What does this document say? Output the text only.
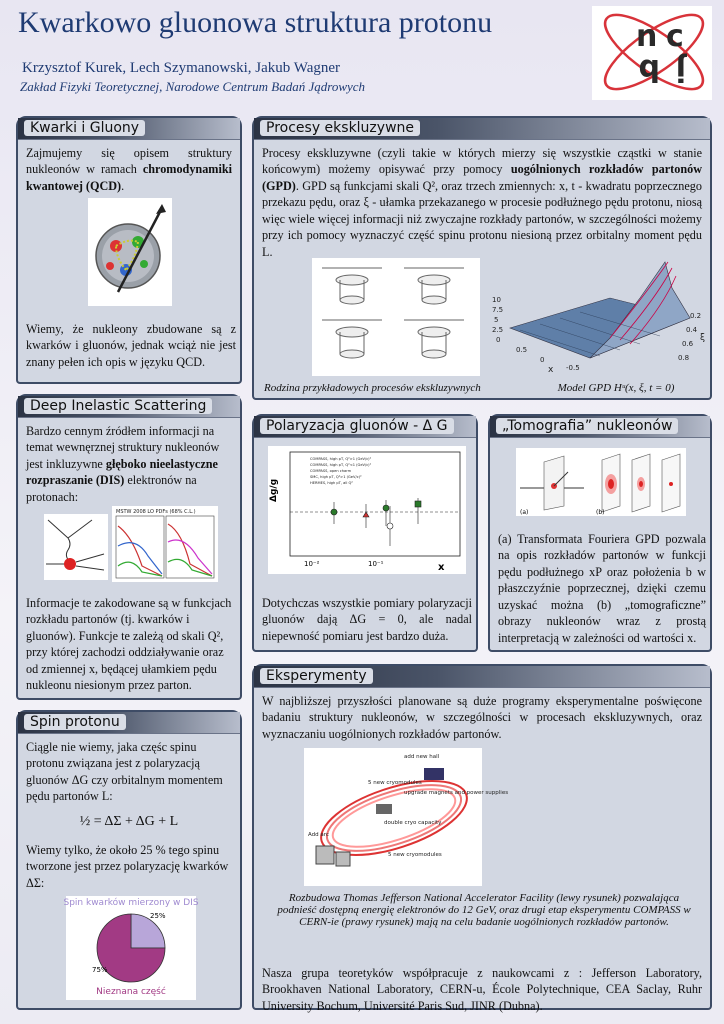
Kwarkowo gluonowa struktura protonu
Krzysztof Kurek, Lech Szymanowski, Jakub Wagner
Zakład Fizyki Teoretycznej, Narodowe Centrum Badań Jądrowych
n c
b j
Kwarki i Gluony

Zajmujemy się opisem struktury nukleonów w ramach chromodynamiki kwantowej (QCD).

Wiemy, że nukleony zbudowane są z kwarków i gluonów, jednak wciąż nie jest znany pełen ich opis w języku QCD.

Procesy ekskluzywne

Procesy ekskluzywne (czyli takie w których mierzy się wszystkie cząstki w stanie końcowym) możemy opisywać przy pomocy uogólnionych rozkładów partonów (GPD). GPD są funkcjami skali Q², oraz trzech zmiennych: x, t - kwadratu poprzecznego przekazu pędu, oraz ξ - ułamka przekazanego w procesie podłużnego pędu protonu, niosą więc wiele więcej informacji niż zwyczajne rozkłady partonów, w szczególności możemy przy ich pomocy wyznaczyć część spinu protonu niesioną przez orbitalny moment pędu L.

10
7.5
5
2.5
0
0.5
0
-0.5
x
0.2
0.4
0.6
0.8
ξ
Rodzina przykładowych procesów ekskluzywnych	Model GPD Hᵘ(x, ξ, t = 0)
Deep Inelastic Scattering

Bardzo cennym źródłem informacji na temat wewnęrznej struktury nukleonów jest inkluzywne głęboko nieelastyczne rozpraszanie (DIS) elektronów na protonach:

MSTW 2008 LO PDFs (68% C.L.)

Informacje te zakodowane są w funkcjach rozkładu partonów (tj. kwarków i gluonów). Funkcje te zależą od skali Q², przy której zachodzi oddziaływanie oraz od zmiennej x, będącej ułamkiem pędu nukleonu niesionym przez parton.

Polaryzacja gluonów - Δ G
Δg/g
x
COMPASS, high pT, Q²>1 (GeV/c)²
COMPASS, high pT, Q²<1 (GeV/c)²
COMPASS, open charm
SMC, high pT, Q²>1 (GeV/c)²
HERMES, high pT, all Q²
10⁻²	10⁻¹

Dotychczas wszystkie pomiary polaryzacji gluonów dają ΔG = 0, ale nadal niepewność pomiaru jest bardzo duża.

„Tomografia” nukleonów
(a)	(b)

(a) Transformata Fouriera GPD pozwala na opis rozkładów partonów w funkcji pędu podłużnego xP oraz położenia b w płaszczyźnie poprzecznej, dzięki czemu uzyskać można (b) „tomograficzne” obrazy nukleonów wraz z prostą interpretacją w zależności od wartości x.

Spin protonu

Ciągle nie wiemy, jaka częśc spinu protonu związana jest z polaryzacją gluonów ΔG czy orbitalnym momentem pędu partonów L:

½ = ΔΣ + ΔG + L

Wiemy tylko, że około 25 % tego spinu tworzone jest przez polaryzację kwarków ΔΣ:

Spin kwarków mierzony w DIS
25%
75%
Nieznana część
Eksperymenty

W najbliższej przyszłości planowane są duże programy eksperymentalne poświęcone badaniu struktury nukleonów, w szczególności w procesach ekskluzywnych, oraz wyznaczaniu uogólnionych rozkładów partonów.

add new hall
upgrade magnets and power supplies
5 new cryomodules
double cryo capacity
Add arc
5 new cryomodules
Rozbudowa Thomas Jefferson National Accelerator Facility (lewy rysunek) pozwalająca podnieść dostępną energię elektronów do 12 GeV, oraz drugi etap eksperymentu COMPASS w CERN-ie (prawy rysunek) mają na celu badanie uogólnionych rozkładów partonów.

Nasza grupa teoretyków współpracuje z naukowcami z : Jefferson Laboratory, Brookhaven National Laboratory, CERN-u, École Polytechnique, CEA Saclay, Ruhr University Bochum, Université Paris Sud, JINR (Dubna).
